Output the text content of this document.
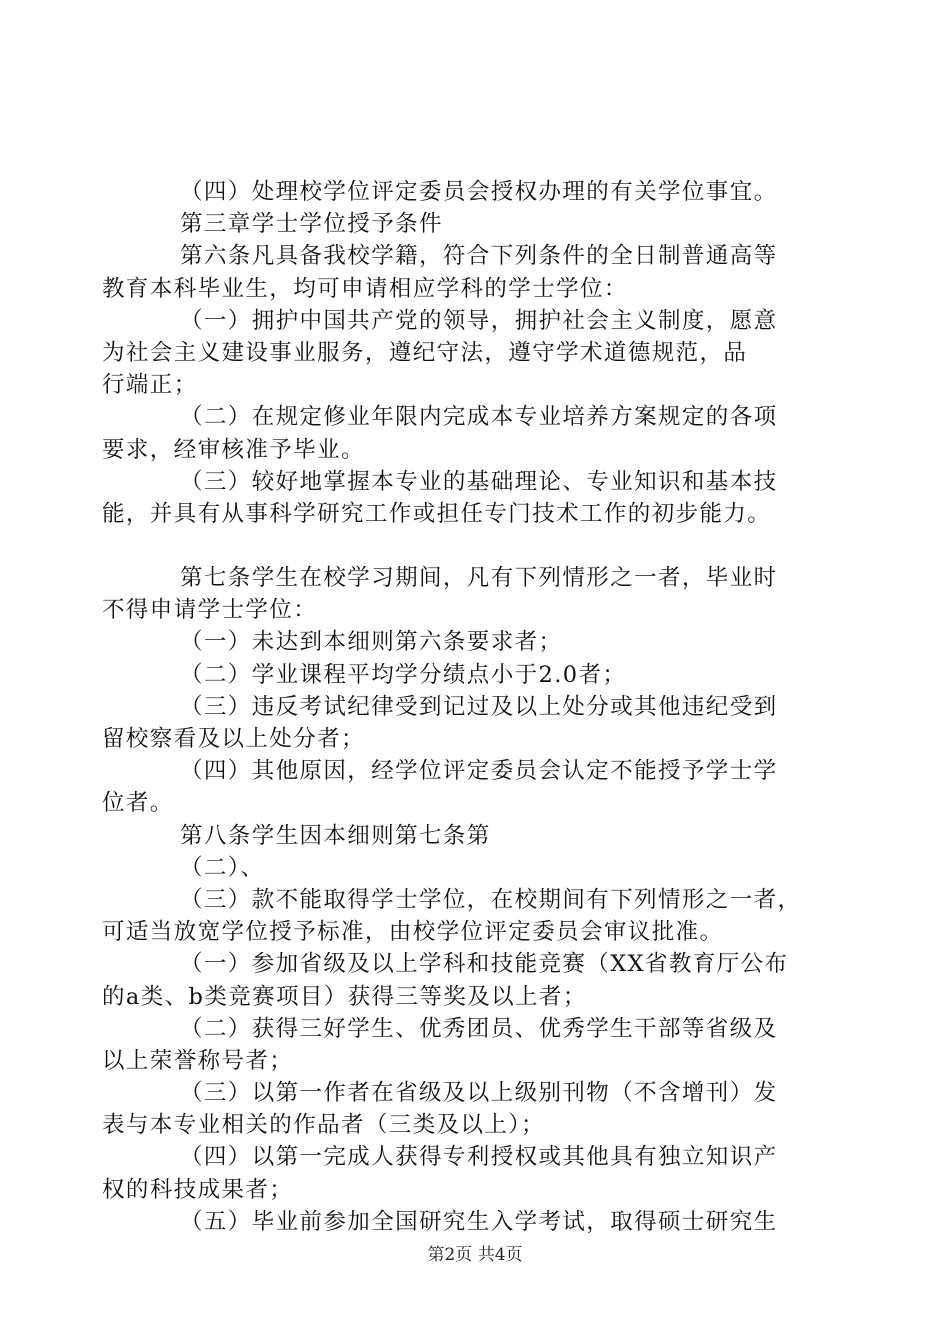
（四）处理校学位评定委员会授权办理的有关学位事宜。
第三章学士学位授予条件
第六条凡具备我校学籍，符合下列条件的全日制普通高等
教育本科毕业生，均可申请相应学科的学士学位：
（一）拥护中国共产党的领导，拥护社会主义制度，愿意
为社会主义建设事业服务，遵纪守法，遵守学术道德规范，品
行端正；
（二）在规定修业年限内完成本专业培养方案规定的各项
要求，经审核准予毕业。
（三）较好地掌握本专业的基础理论、专业知识和基本技
能，并具有从事科学研究工作或担任专门技术工作的初步能力。
第七条学生在校学习期间，凡有下列情形之一者，毕业时
不得申请学士学位：
（一）未达到本细则第六条要求者；
（二）学业课程平均学分绩点小于2.0者；
（三）违反考试纪律受到记过及以上处分或其他违纪受到
留校察看及以上处分者；
（四）其他原因，经学位评定委员会认定不能授予学士学
位者。
第八条学生因本细则第七条第
（二）、
（三）款不能取得学士学位，在校期间有下列情形之一者，
可适当放宽学位授予标准，由校学位评定委员会审议批准。
（一）参加省级及以上学科和技能竞赛（XX省教育厅公布
的a类、b类竞赛项目）获得三等奖及以上者；
（二）获得三好学生、优秀团员、优秀学生干部等省级及
以上荣誉称号者；
（三）以第一作者在省级及以上级别刊物（不含增刊）发
表与本专业相关的作品者（三类及以上）；
（四）以第一完成人获得专利授权或其他具有独立知识产
权的科技成果者；
（五）毕业前参加全国研究生入学考试，取得硕士研究生
第2页 共4页
